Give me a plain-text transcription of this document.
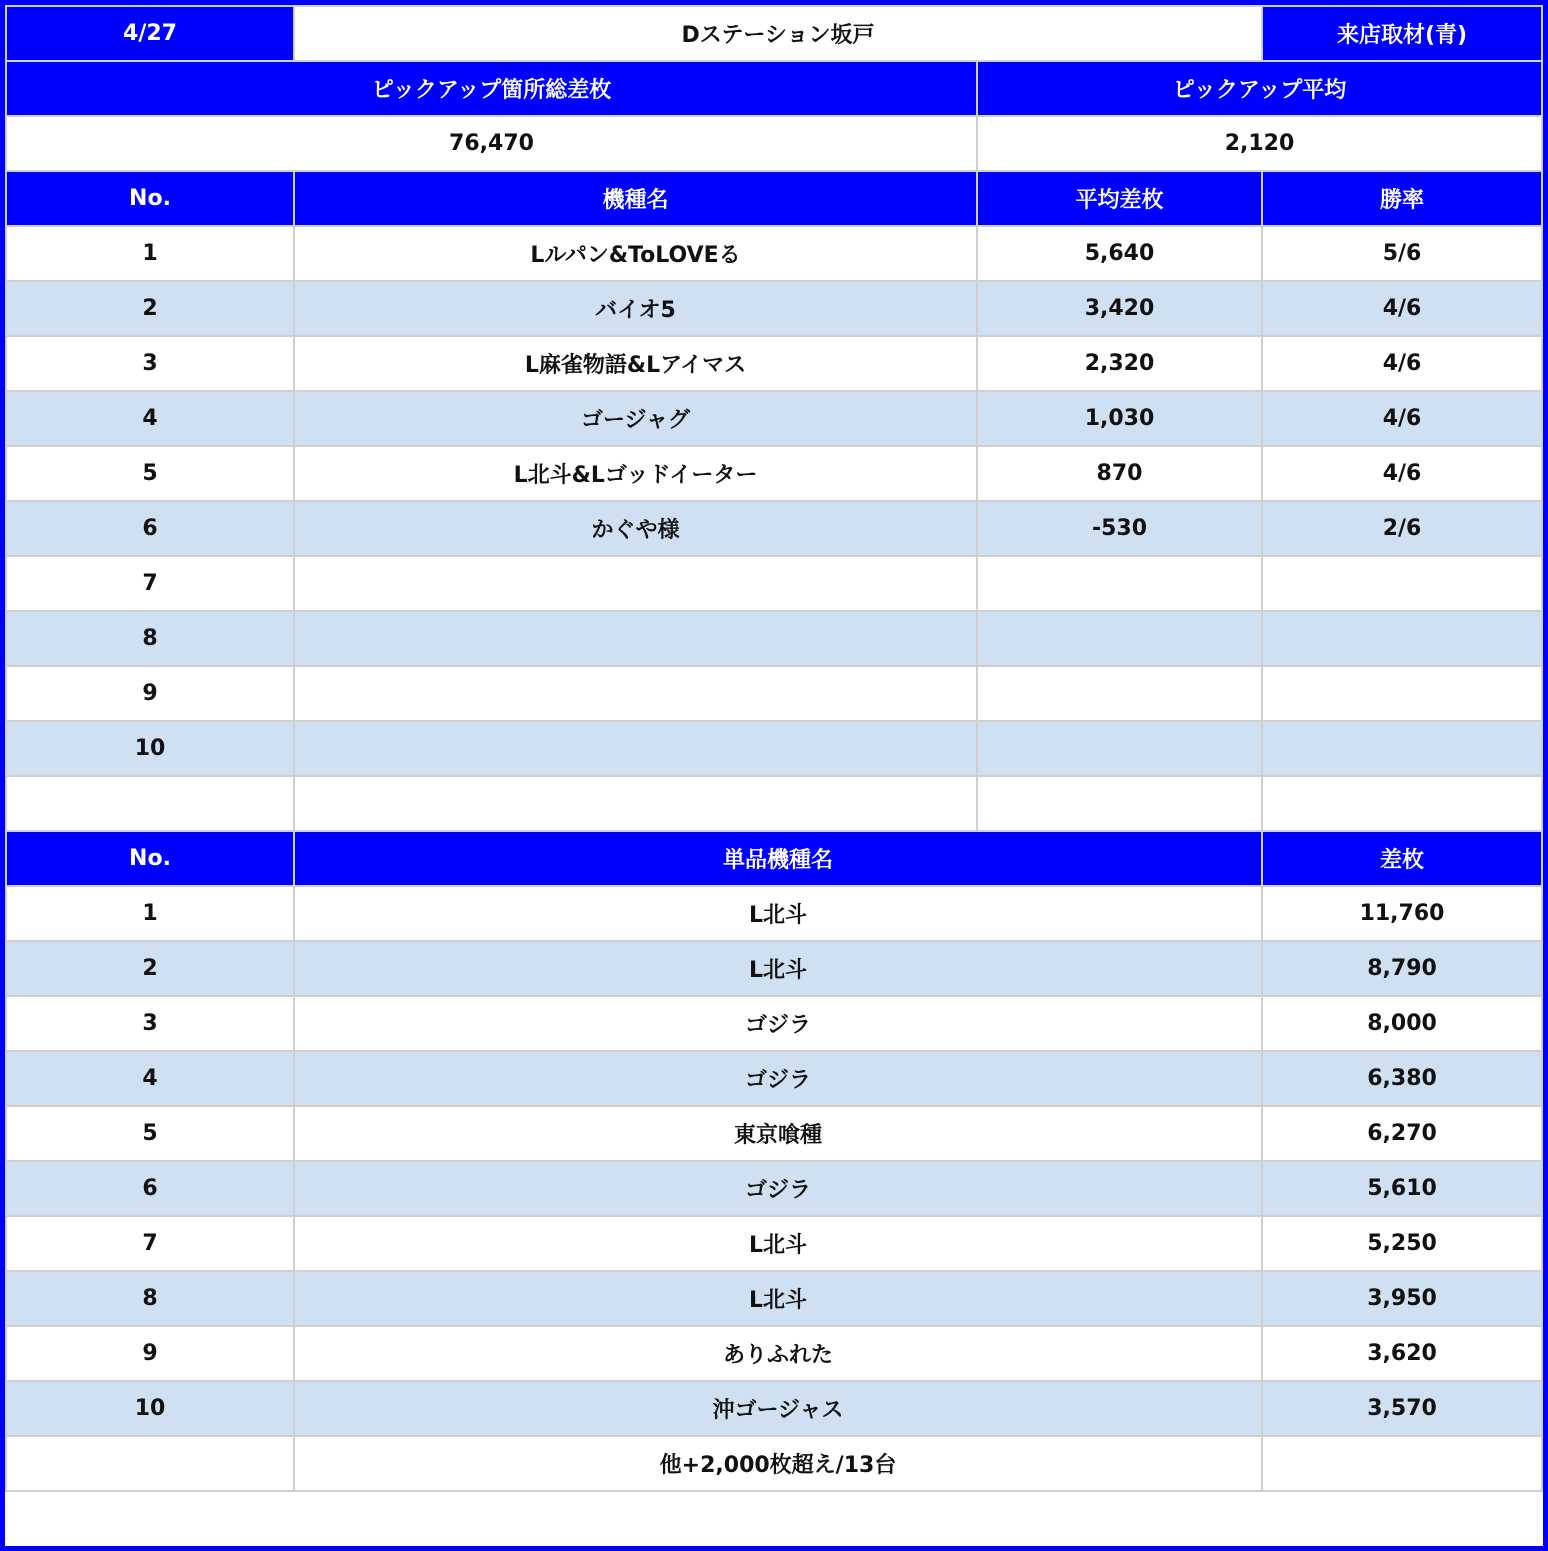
4/27	Dステーション坂戸		来店取材(青)
ピックアップ箇所総差枚		ピックアップ平均	
76,470		2,120	
No.	機種名	平均差枚	勝率
1	Lルパン&ToLOVEる	5,640	5/6
2	バイオ5	3,420	4/6
3	L麻雀物語&Lアイマス	2,320	4/6
4	ゴージャグ	1,030	4/6
5	L北斗&Lゴッドイーター	870	4/6
6	かぐや様	-530	2/6
7			
8			
9			
10			

No.	単品機種名		差枚
1	L北斗		11,760
2	L北斗		8,790
3	ゴジラ		8,000
4	ゴジラ		6,380
5	東京喰種		6,270
6	ゴジラ		5,610
7	L北斗		5,250
8	L北斗		3,950
9	ありふれた		3,620
10	沖ゴージャス		3,570
	他+2,000枚超え/13台		
